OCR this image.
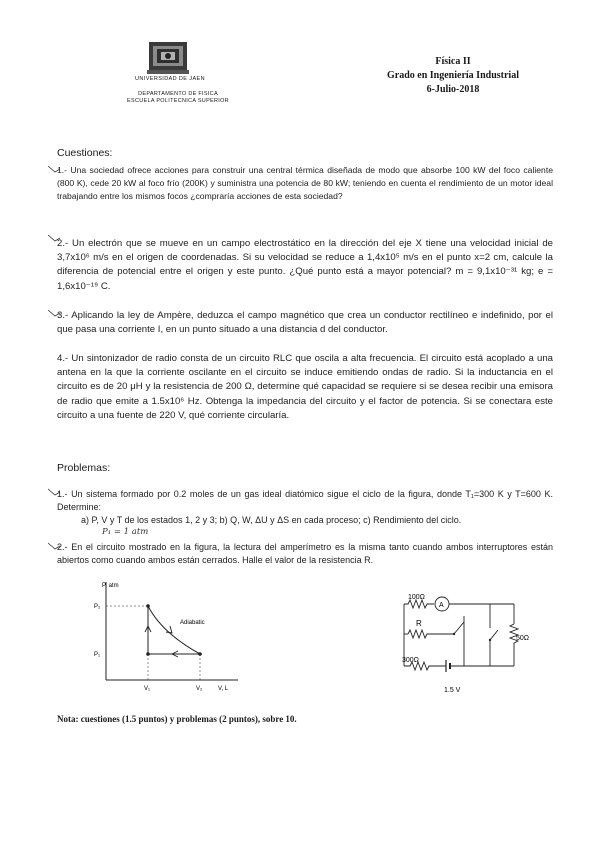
UNIVERSIDAD DE JAEN
DEPARTAMENTO DE FISICA
ESCUELA POLITECNICA SUPERIOR
Física II
Grado en Ingeniería Industrial
6-Julio-2018
Cuestiones:
1.- Una sociedad ofrece acciones para construir una central térmica diseñada de modo que absorbe 100 kW del foco caliente (800 K), cede 20 kW al foco frío (200K) y suministra una potencia de 80 kW; teniendo en cuenta el rendimiento de un motor ideal trabajando entre los mismos focos ¿compraría acciones de esta sociedad?
2.- Un electrón que se mueve en un campo electrostático en la dirección del eje X tiene una velocidad inicial de 3,7x10⁶ m/s en el origen de coordenadas. Si su velocidad se reduce a 1,4x10⁵ m/s en el punto x=2 cm, calcule la diferencia de potencial entre el origen y este punto. ¿Qué punto está a mayor potencial? m = 9,1x10⁻³¹ kg; e = 1,6x10⁻¹⁹ C.
3.- Aplicando la ley de Ampère, deduzca el campo magnético que crea un conductor rectilíneo e indefinido, por el que pasa una corriente I, en un punto situado a una distancia d del conductor.
4.- Un sintonizador de radio consta de un circuito RLC que oscila a alta frecuencia. El circuito está acoplado a una antena en la que la corriente oscilante en el circuito se induce emitiendo ondas de radio. Si la inductancia en el circuito es de 20 μH y la resistencia de 200 Ω, determine qué capacidad se requiere si se desea recibir una emisora de radio que emite a 1.5x10⁶ Hz. Obtenga la impedancia del circuito y el factor de potencia. Si se conectara este circuito a una fuente de 220 V, qué corriente circularía.
Problemas:
1.- Un sistema formado por 0.2 moles de un gas ideal diatómico sigue el ciclo de la figura, donde T₁=300 K y T=600 K. Determine:
a) P, V y T de los estados 1, 2 y 3; b) Q, W, ΔU y ΔS en cada proceso; c) Rendimiento del ciclo.
P₁ = 1 atm
2.- En el circuito mostrado en la figura, la lectura del amperímetro es la misma tanto cuando ambos interruptores están abiertos como cuando ambos están cerrados. Halle el valor de la resistencia R.
P, atm
P₂
P₁
V₁	V₂	V, L
Adiabatic
100Ω
A
R
50Ω
300Ω
1.5 V
Nota: cuestiones (1.5 puntos) y problemas (2 puntos), sobre 10.
